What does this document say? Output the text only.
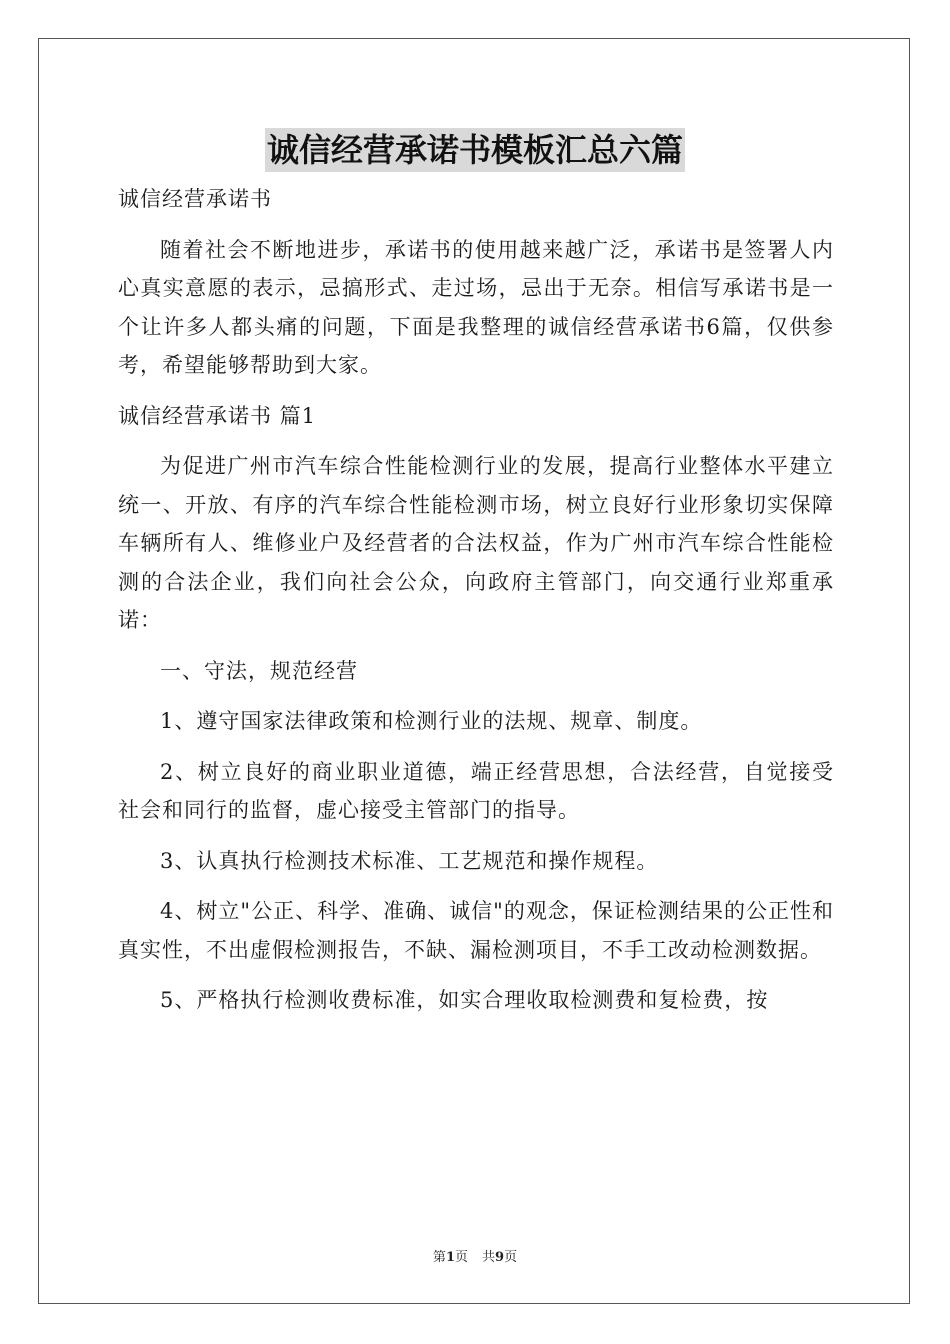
诚信经营承诺书模板汇总六篇

诚信经营承诺书

随着社会不断地进步，承诺书的使用越来越广泛，承诺书是签署人内心真实意愿的表示，忌搞形式、走过场，忌出于无奈。相信写承诺书是一个让许多人都头痛的问题，下面是我整理的诚信经营承诺书6篇，仅供参考，希望能够帮助到大家。

诚信经营承诺书 篇1

为促进广州市汽车综合性能检测行业的发展，提高行业整体水平建立统一、开放、有序的汽车综合性能检测市场，树立良好行业形象切实保障车辆所有人、维修业户及经营者的合法权益，作为广州市汽车综合性能检测的合法企业，我们向社会公众，向政府主管部门，向交通行业郑重承诺：

一、守法，规范经营

1、遵守国家法律政策和检测行业的法规、规章、制度。

2、树立良好的商业职业道德，端正经营思想，合法经营，自觉接受社会和同行的监督，虚心接受主管部门的指导。

3、认真执行检测技术标准、工艺规范和操作规程。

4、树立"公正、科学、准确、诚信"的观念，保证检测结果的公正性和真实性，不出虚假检测报告，不缺、漏检测项目，不手工改动检测数据。

5、严格执行检测收费标准，如实合理收取检测费和复检费，按

第1页 共9页
